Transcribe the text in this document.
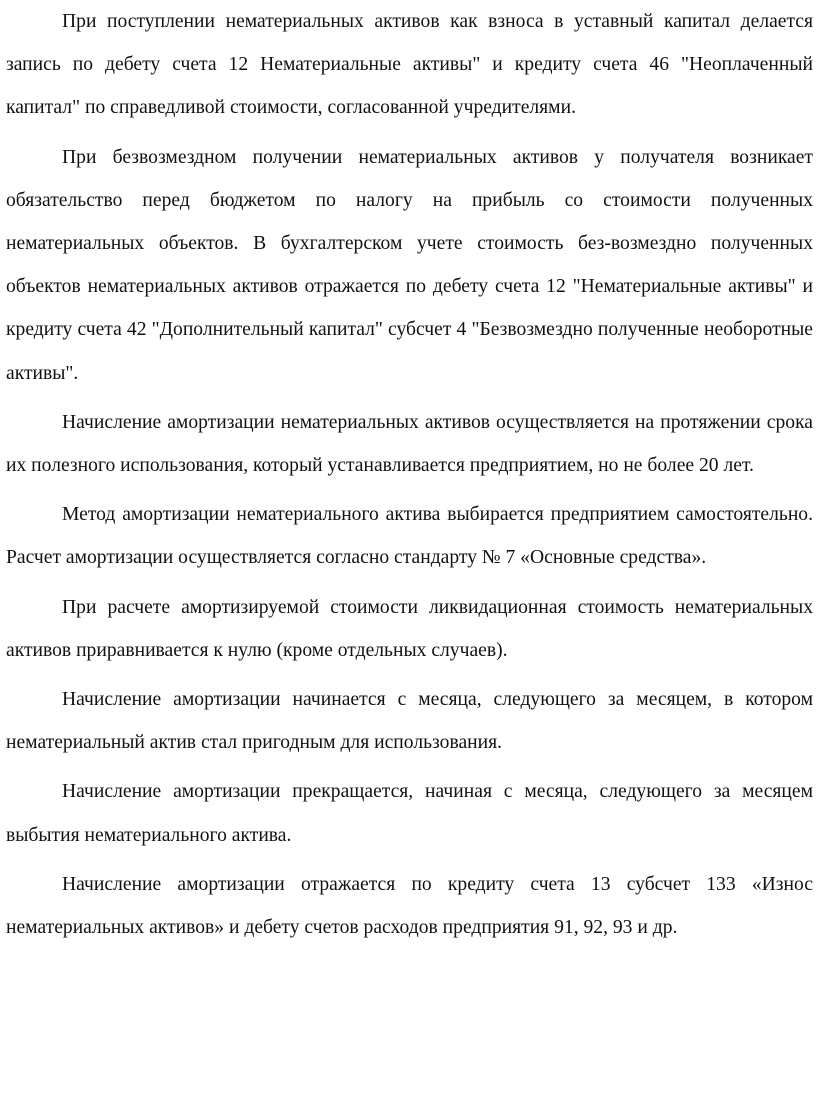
При поступлении нематериальных активов как взноса в уставный капитал делается запись по дебету счета 12 Нематериальные активы" и кредиту счета 46 "Неоплаченный капитал" по справедливой стоимости, согласованной учредителями.

При безвозмездном получении нематериальных активов у получателя возникает обязательство перед бюджетом по налогу на прибыль со стоимости полученных нематериальных объектов. В бухгалтерском учете стоимость без-возмездно полученных объектов нематериальных активов отражается по дебету счета 12 "Нематериальные активы" и кредиту счета 42 "Дополнительный капитал" субсчет 4 "Безвозмездно полученные необоротные активы".

Начисление амортизации нематериальных активов осуществляется на протяжении срока их полезного использования, который устанавливается предприятием, но не более 20 лет.

Метод амортизации нематериального актива выбирается предприятием самостоятельно. Расчет амортизации осуществляется согласно стандарту № 7 «Основные средства».

При расчете амортизируемой стоимости ликвидационная стоимость нематериальных активов приравнивается к нулю (кроме отдельных случаев).

Начисление амортизации начинается с месяца, следующего за месяцем, в котором нематериальный актив стал пригодным для использования.

Начисление амортизации прекращается, начиная с месяца, следующего за месяцем выбытия нематериального актива.

Начисление амортизации отражается по кредиту счета 13 субсчет 133 «Износ нематериальных активов» и дебету счетов расходов предприятия 91, 92, 93 и др.
